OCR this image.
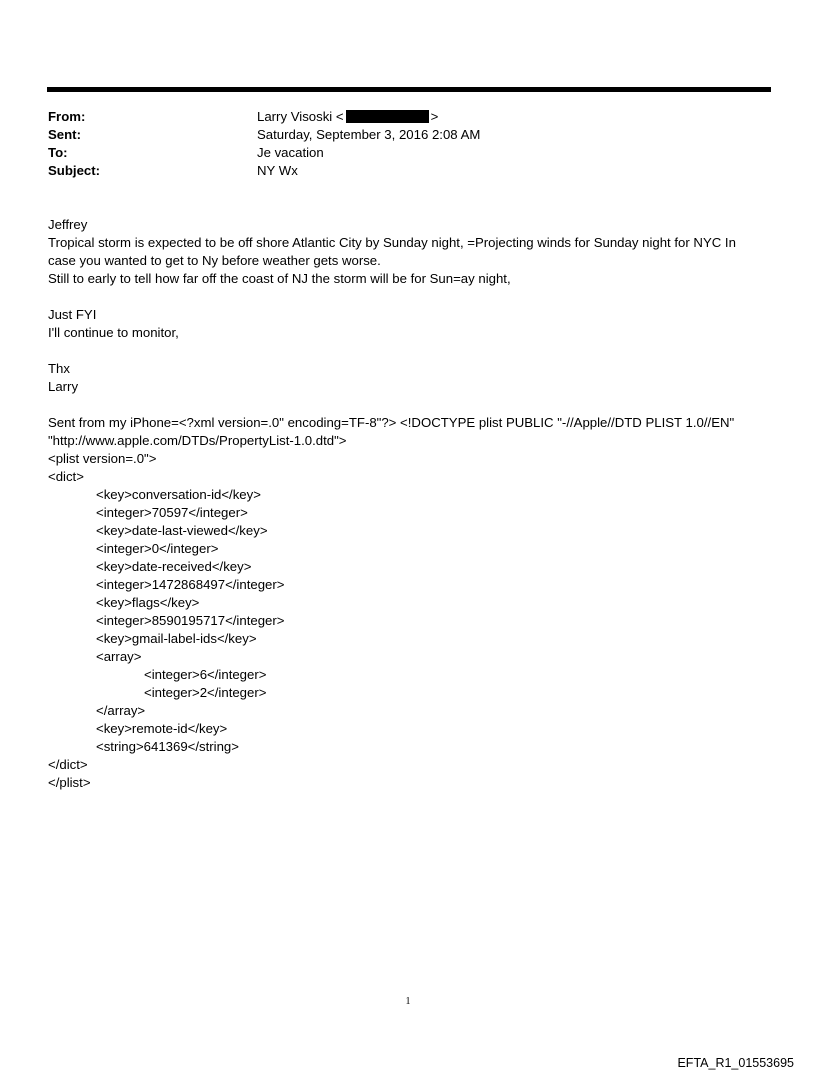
From:	Larry Visoski <	>
Sent:	Saturday, September 3, 2016 2:08 AM
To:	Je vacation
Subject:	NY Wx

Jeffrey

Tropical storm is expected to be off shore Atlantic City by Sunday night, =Projecting winds for Sunday night for NYC In

case you wanted to get to Ny before weather gets worse.

Still to early to tell how far off the coast of NJ the storm will be for Sun=ay night,

Just FYI

I'll continue to monitor,

Thx

Larry

Sent from my iPhone=<?xml version=.0" encoding=TF-8"?> <!DOCTYPE plist PUBLIC "-//Apple//DTD PLIST 1.0//EN"

"http://www.apple.com/DTDs/PropertyList-1.0.dtd">

<plist version=.0">

<dict>

<key>conversation-id</key>

<integer>70597</integer>

<key>date-last-viewed</key>

<integer>0</integer>

<key>date-received</key>

<integer>1472868497</integer>

<key>flags</key>

<integer>8590195717</integer>

<key>gmail-label-ids</key>

<array>

<integer>6</integer>

<integer>2</integer>

</array>

<key>remote-id</key>

<string>641369</string>

</dict>

</plist>

1
EFTA_R1_01553695
